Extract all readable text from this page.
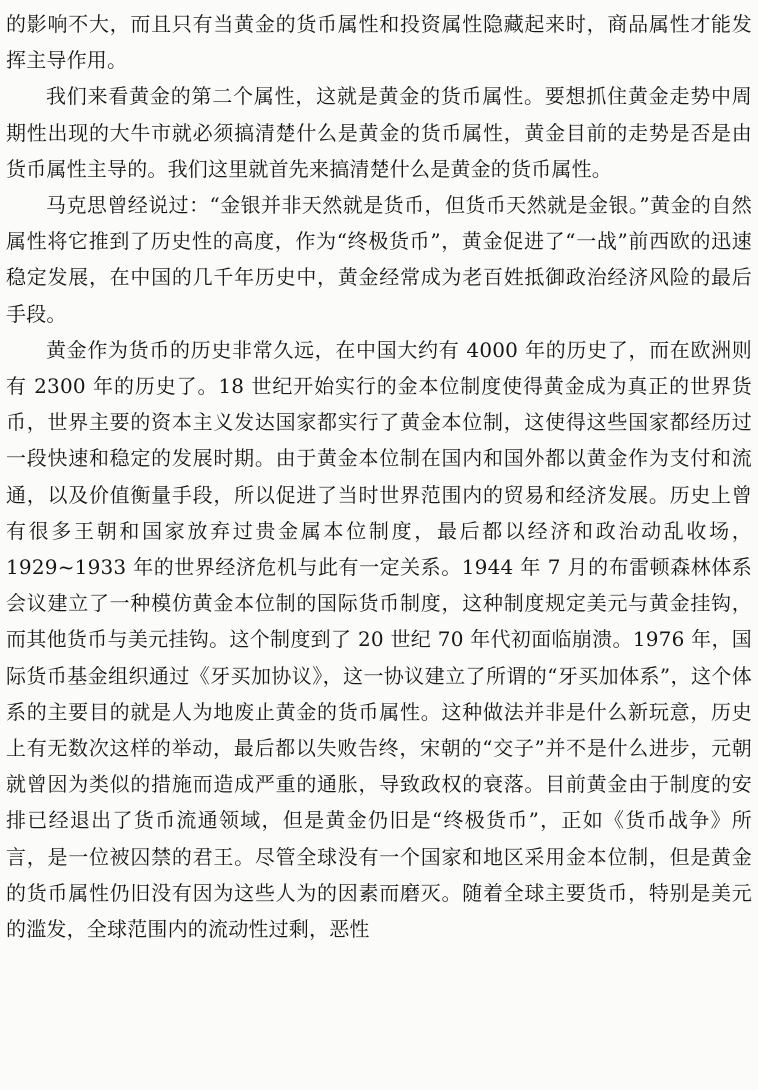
的影响不大，而且只有当黄金的货币属性和投资属性隐藏起来时，商品属性才能发挥主导作用。

我们来看黄金的第二个属性，这就是黄金的货币属性。要想抓住黄金走势中周期性出现的大牛市就必须搞清楚什么是黄金的货币属性，黄金目前的走势是否是由货币属性主导的。我们这里就首先来搞清楚什么是黄金的货币属性。

马克思曾经说过：“金银并非天然就是货币，但货币天然就是金银。”黄金的自然属性将它推到了历史性的高度，作为“终极货币”，黄金促进了“一战”前西欧的迅速稳定发展，在中国的几千年历史中，黄金经常成为老百姓抵御政治经济风险的最后手段。

黄金作为货币的历史非常久远，在中国大约有 4000 年的历史了，而在欧洲则有 2300 年的历史了。18 世纪开始实行的金本位制度使得黄金成为真正的世界货币，世界主要的资本主义发达国家都实行了黄金本位制，这使得这些国家都经历过一段快速和稳定的发展时期。由于黄金本位制在国内和国外都以黄金作为支付和流通，以及价值衡量手段，所以促进了当时世界范围内的贸易和经济发展。历史上曾有很多王朝和国家放弃过贵金属本位制度，最后都以经济和政治动乱收场，1929~1933 年的世界经济危机与此有一定关系。1944 年 7 月的布雷顿森林体系会议建立了一种模仿黄金本位制的国际货币制度，这种制度规定美元与黄金挂钩，而其他货币与美元挂钩。这个制度到了 20 世纪 70 年代初面临崩溃。1976 年，国际货币基金组织通过《牙买加协议》，这一协议建立了所谓的“牙买加体系”，这个体系的主要目的就是人为地废止黄金的货币属性。这种做法并非是什么新玩意，历史上有无数次这样的举动，最后都以失败告终，宋朝的“交子”并不是什么进步，元朝就曾因为类似的措施而造成严重的通胀，导致政权的衰落。目前黄金由于制度的安排已经退出了货币流通领域，但是黄金仍旧是“终极货币”，正如《货币战争》所言，是一位被囚禁的君王。尽管全球没有一个国家和地区采用金本位制，但是黄金的货币属性仍旧没有因为这些人为的因素而磨灭。随着全球主要货币，特别是美元的滥发，全球范围内的流动性过剩，恶性
